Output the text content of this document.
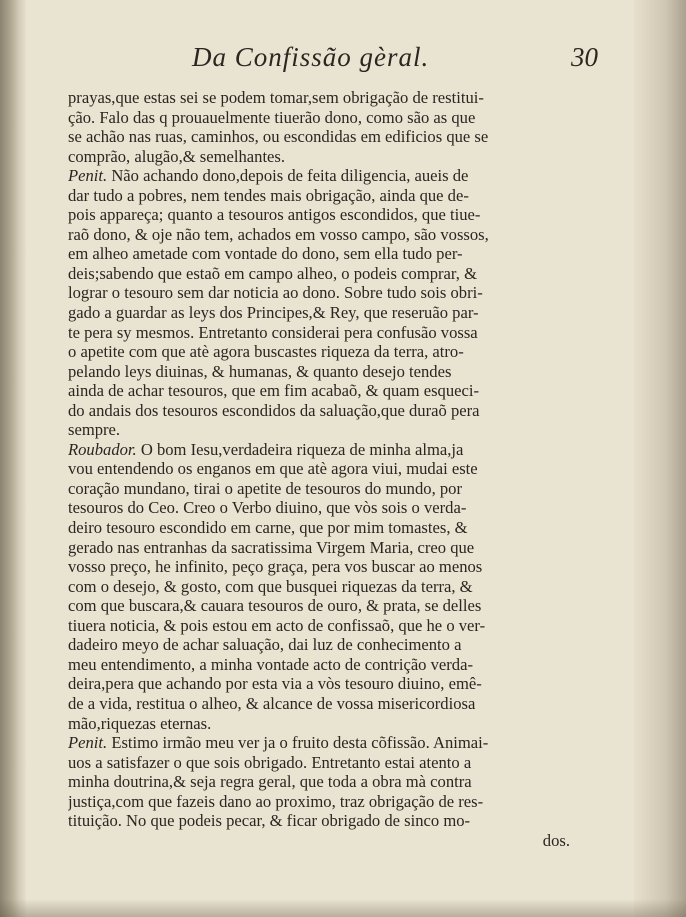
Da Confissão gèral.	30
prayas,que estas sei se podem tomar,sem obrigação de restitui-
ção. Falo das q prouauelmente tiuerão dono, como são as que
se achão nas ruas, caminhos, ou escondidas em edificios que se
comprão, alugão,& semelhantes.
Penit. Não achando dono,depois de feita diligencia, aueis de
dar tudo a pobres, nem tendes mais obrigação, ainda que de-
pois appareça; quanto a tesouros antigos escondidos, que tiue-
raõ dono, & oje não tem, achados em vosso campo, são vossos,
em alheo ametade com vontade do dono, sem ella tudo per-
deis;sabendo que estaõ em campo alheo, o podeis comprar, &
lograr o tesouro sem dar noticia ao dono. Sobre tudo sois obri-
gado a guardar as leys dos Principes,& Rey, que reseruão par-
te pera sy mesmos. Entretanto considerai pera confusão vossa
o apetite com que atè agora buscastes riqueza da terra, atro-
pelando leys diuinas, & humanas, & quanto desejo tendes
ainda de achar tesouros, que em fim acabaõ, & quam esqueci-
do andais dos tesouros escondidos da saluação,que duraõ pera
sempre.
Roubador. O bom Iesu,verdadeira riqueza de minha alma,ja
vou entendendo os enganos em que atè agora viui, mudai este
coração mundano, tirai o apetite de tesouros do mundo, por
tesouros do Ceo. Creo o Verbo diuino, que vòs sois o verda-
deiro tesouro escondido em carne, que por mim tomastes, &
gerado nas entranhas da sacratissima Virgem Maria, creo que
vosso preço, he infinito, peço graça, pera vos buscar ao menos
com o desejo, & gosto, com que busquei riquezas da terra, &
com que buscara,& cauara tesouros de ouro, & prata, se delles
tiuera noticia, & pois estou em acto de confissaõ, que he o ver-
dadeiro meyo de achar saluação, dai luz de conhecimento a
meu entendimento, a minha vontade acto de contrição verda-
deira,pera que achando por esta via a vòs tesouro diuino, emê-
de a vida, restitua o alheo, & alcance de vossa misericordiosa
mão,riquezas eternas.
Penit. Estimo irmão meu ver ja o fruito desta cõfissão. Animai-
uos a satisfazer o que sois obrigado. Entretanto estai atento a
minha doutrina,& seja regra geral, que toda a obra mà contra
justiça,com que fazeis dano ao proximo, traz obrigação de res-
tituição. No que podeis pecar, & ficar obrigado de sinco mo-
dos.
